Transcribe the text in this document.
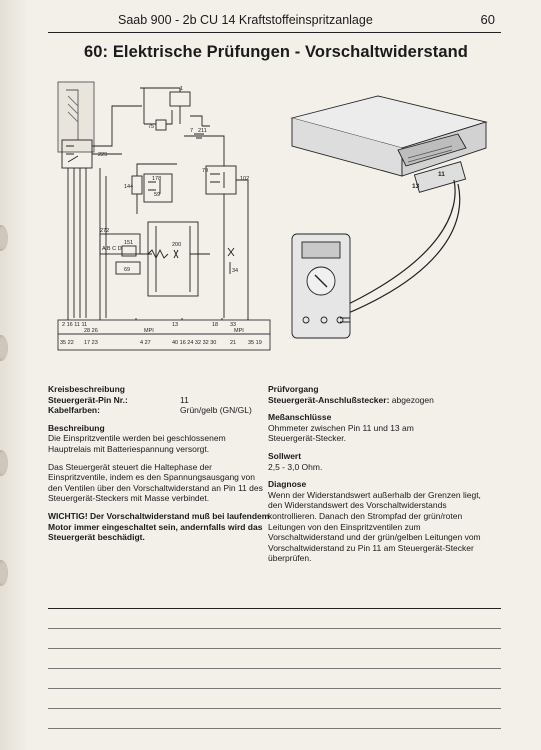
Saab 900 - 2b CU 14 Kraftstoffeinspritzanlage	60
60: Elektrische Prüfungen - Vorschaltwiderstand
1
7 211
75
229
144
178
59
79
102
272
151
A B C D
69
200
34
2 16 11 11
28 26
13	18 33
MPI	MPI
35 22 17 23	4 27	40 16 24 32 32 30 21 35 19
13
11

Kreisbeschreibung

Steuergerät-Pin Nr.:	11
Kabelfarben:	Grün/gelb (GN/GL)

Beschreibung

Die Einspritzventile werden bei geschlossenem Hauptrelais mit Batteriespannung versorgt.

Das Steuergerät steuert die Haltephase der Einspritzventile, indem es den Spannungsausgang von den Ventilen über den Vorschaltwiderstand an Pin 11 des Steuergerät-Steckers mit Masse verbindet.

WICHTIG! Der Vorschaltwiderstand muß bei laufendem Motor immer eingeschaltet sein, andernfalls wird das Steuergerät beschädigt.

Prüfvorgang

Steuergerät-Anschlußstecker: abgezogen

Meßanschlüsse

Ohmmeter zwischen Pin 11 und 13 am

Steuergerät-Stecker.

Sollwert

2,5 - 3,0 Ohm.

Diagnose

Wenn der Widerstandswert außerhalb der Grenzen liegt, den Widerstandswert des Vorschaltwiderstands kontrollieren. Danach den Strompfad der grün/roten Leitungen von den Einspritzventilen zum Vorschaltwiderstand und der grün/gelben Leitungen vom Vorschaltwiderstand zu Pin 11 am Steuergerät-Stecker überprüfen.
